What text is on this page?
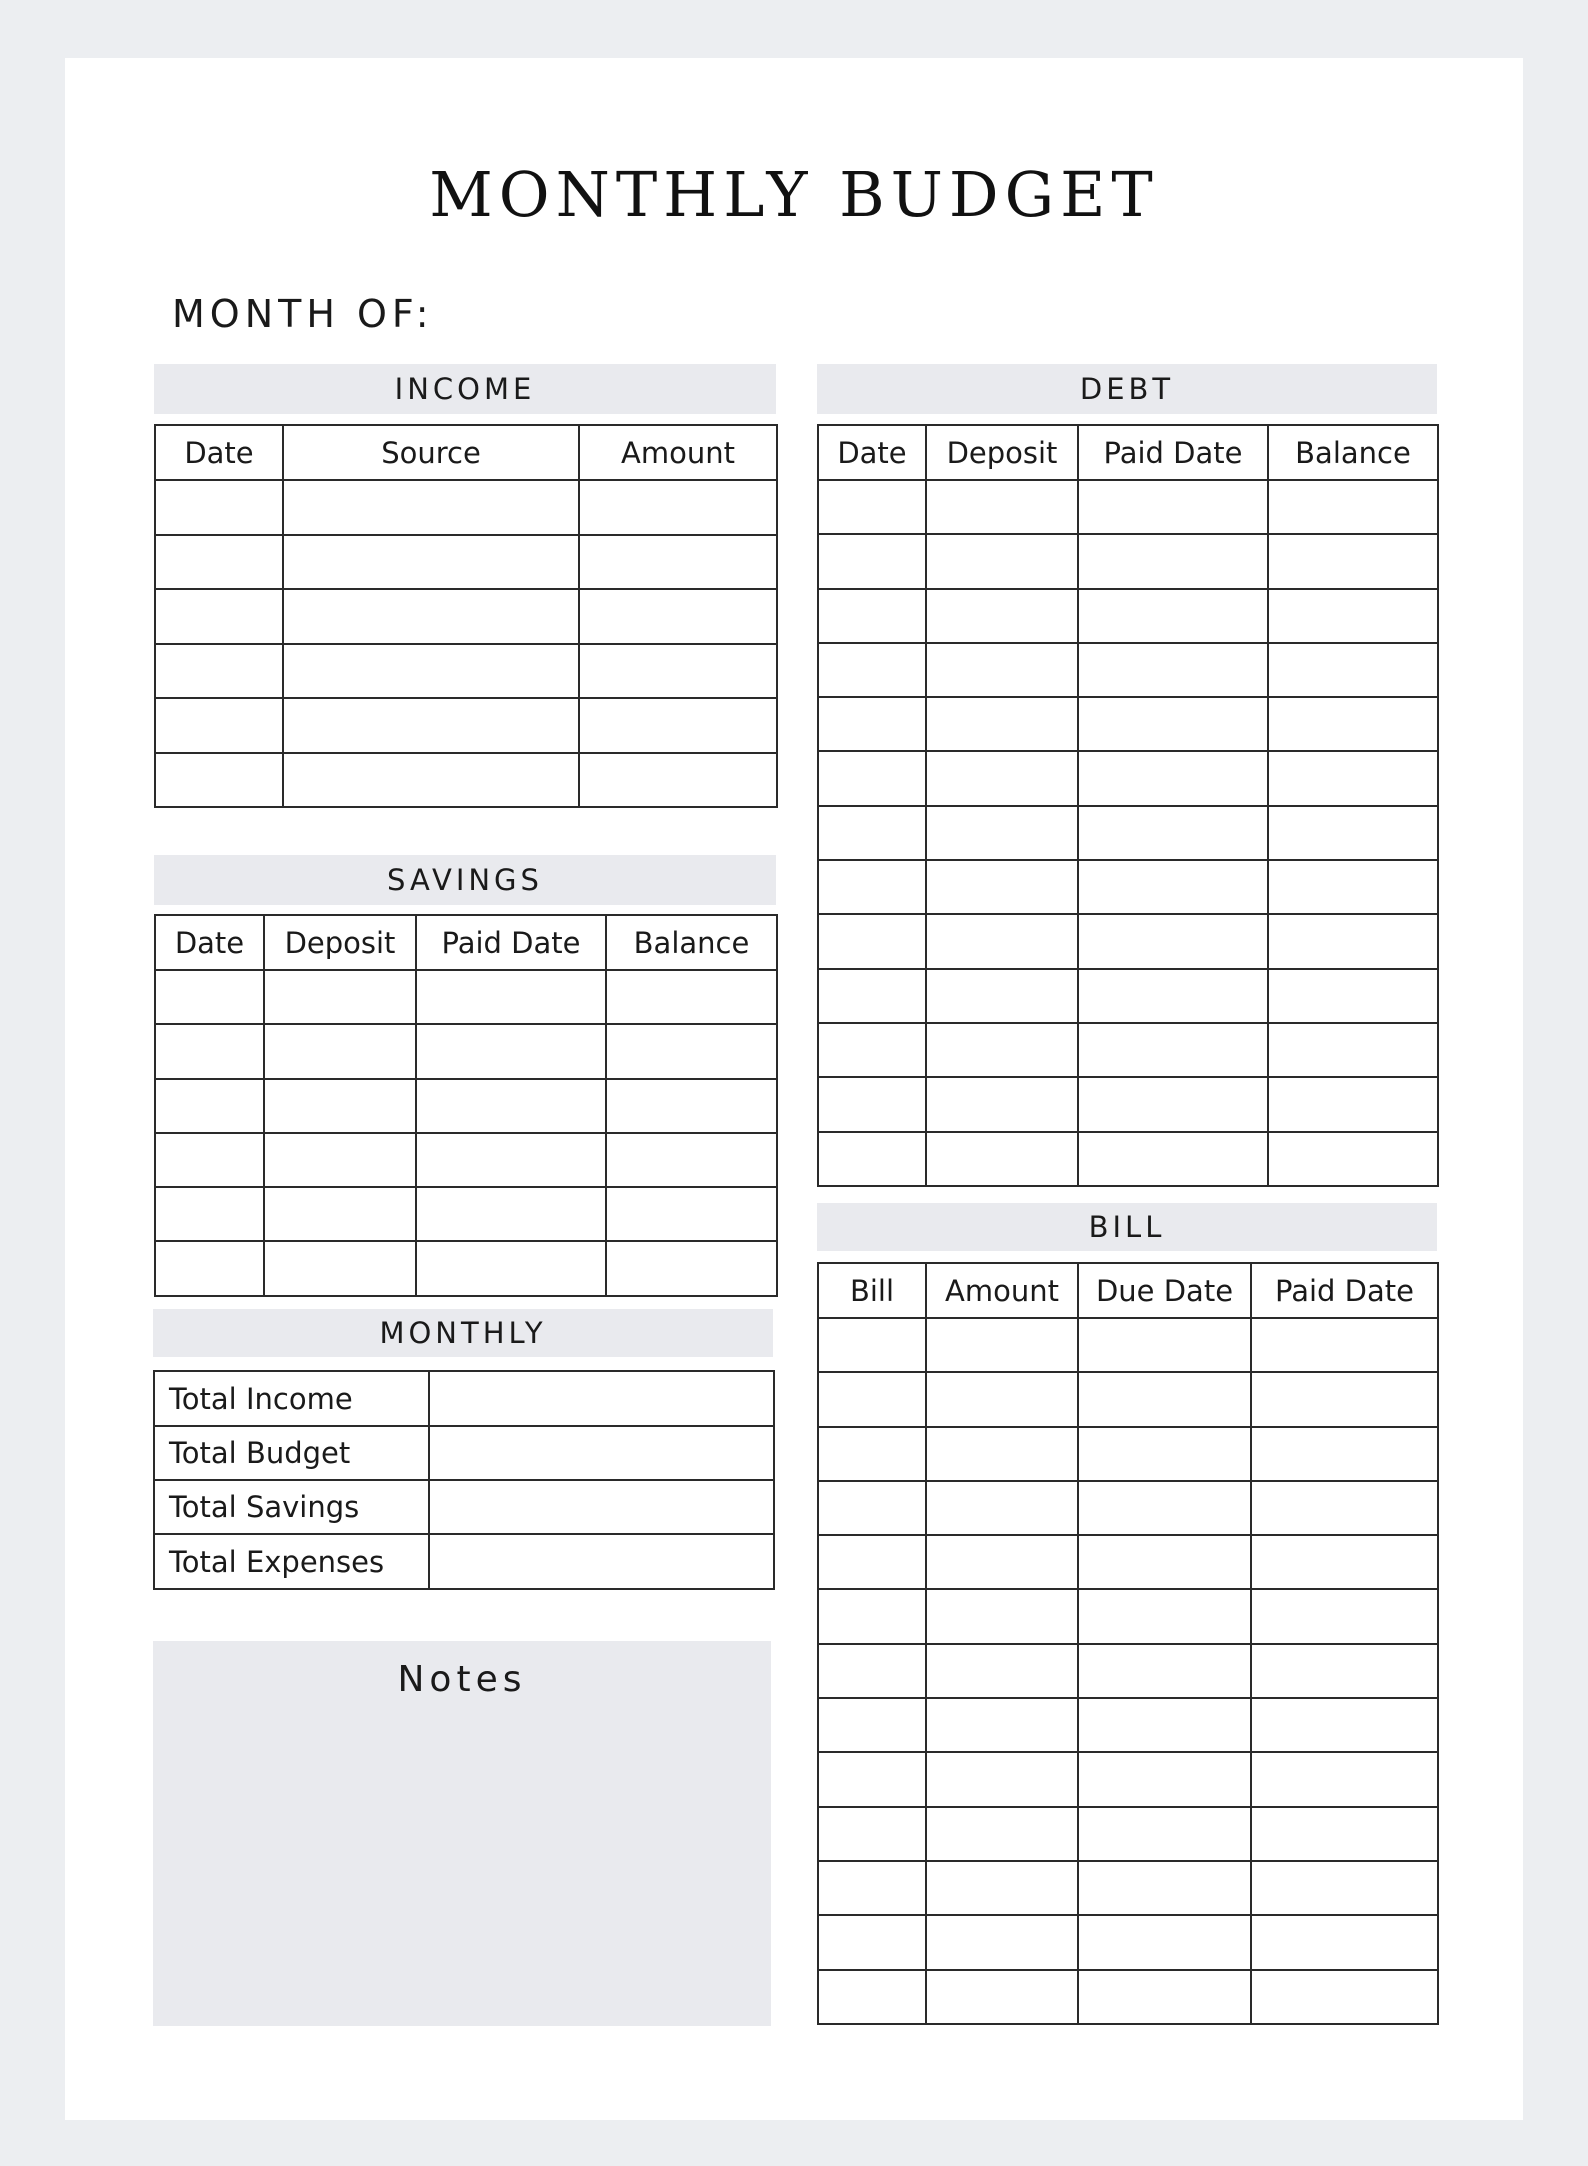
MONTHLY BUDGET
MONTH OF:
INCOME
Date	Source	Amount

SAVINGS
Date	Deposit	Paid Date	Balance

MONTHLY
Total Income	
Total Budget	
Total Savings	
Total Expenses	
Notes
DEBT
Date	Deposit	Paid Date	Balance

BILL
Bill	Amount	Due Date	Paid Date
